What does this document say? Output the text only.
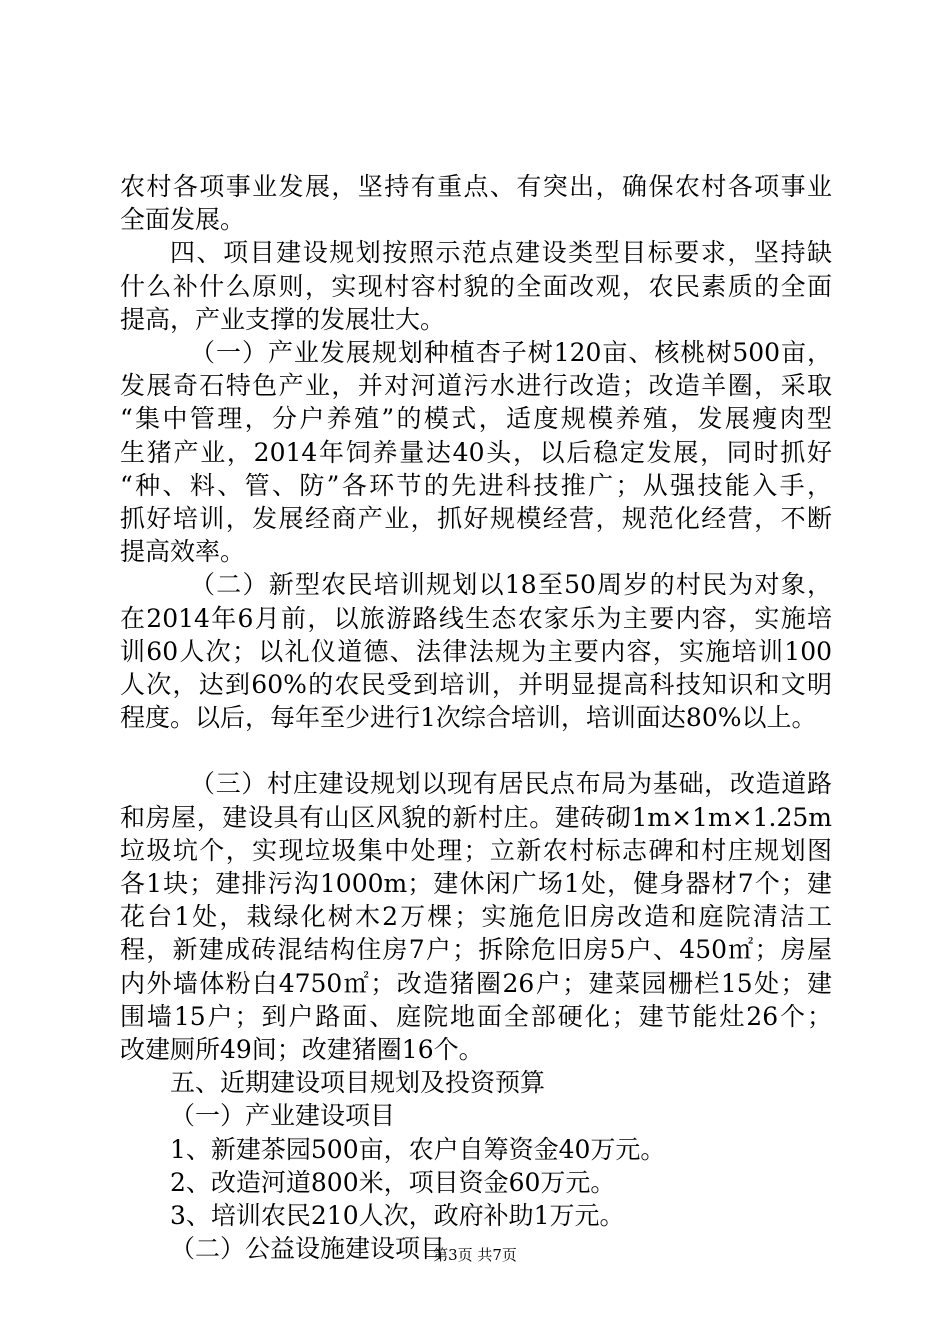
农村各项事业发展，坚持有重点、有突出，确保农村各项事业
全面发展。
四、项目建设规划按照示范点建设类型目标要求，坚持缺
什么补什么原则，实现村容村貌的全面改观，农民素质的全面
提高，产业支撑的发展壮大。
（一）产业发展规划种植杏子树120亩、核桃树500亩，
发展奇石特色产业，并对河道污水进行改造；改造羊圈，采取
“集中管理，分户养殖”的模式，适度规模养殖，发展瘦肉型
生猪产业，2014年饲养量达40头，以后稳定发展，同时抓好
“种、料、管、防”各环节的先进科技推广；从强技能入手，
抓好培训，发展经商产业，抓好规模经营，规范化经营，不断
提高效率。
（二）新型农民培训规划以18至50周岁的村民为对象，
在2014年6月前，以旅游路线生态农家乐为主要内容，实施培
训60人次；以礼仪道德、法律法规为主要内容，实施培训100
人次，达到60%的农民受到培训，并明显提高科技知识和文明
程度。以后，每年至少进行1次综合培训，培训面达80%以上。
（三）村庄建设规划以现有居民点布局为基础，改造道路
和房屋，建设具有山区风貌的新村庄。建砖砌1m×1m×1.25m
垃圾坑个，实现垃圾集中处理；立新农村标志碑和村庄规划图
各1块；建排污沟1000m；建休闲广场1处，健身器材7个；建
花台1处，栽绿化树木2万棵；实施危旧房改造和庭院清洁工
程，新建成砖混结构住房7户；拆除危旧房5户、450㎡；房屋
内外墙体粉白4750㎡；改造猪圈26户；建菜园栅栏15处；建
围墙15户；到户路面、庭院地面全部硬化；建节能灶26个；
改建厕所49间；改建猪圈16个。
五、近期建设项目规划及投资预算
（一）产业建设项目
1、新建茶园500亩，农户自筹资金40万元。
2、改造河道800米，项目资金60万元。
3、培训农民210人次，政府补助1万元。
（二）公益设施建设项目
第3页 共7页
